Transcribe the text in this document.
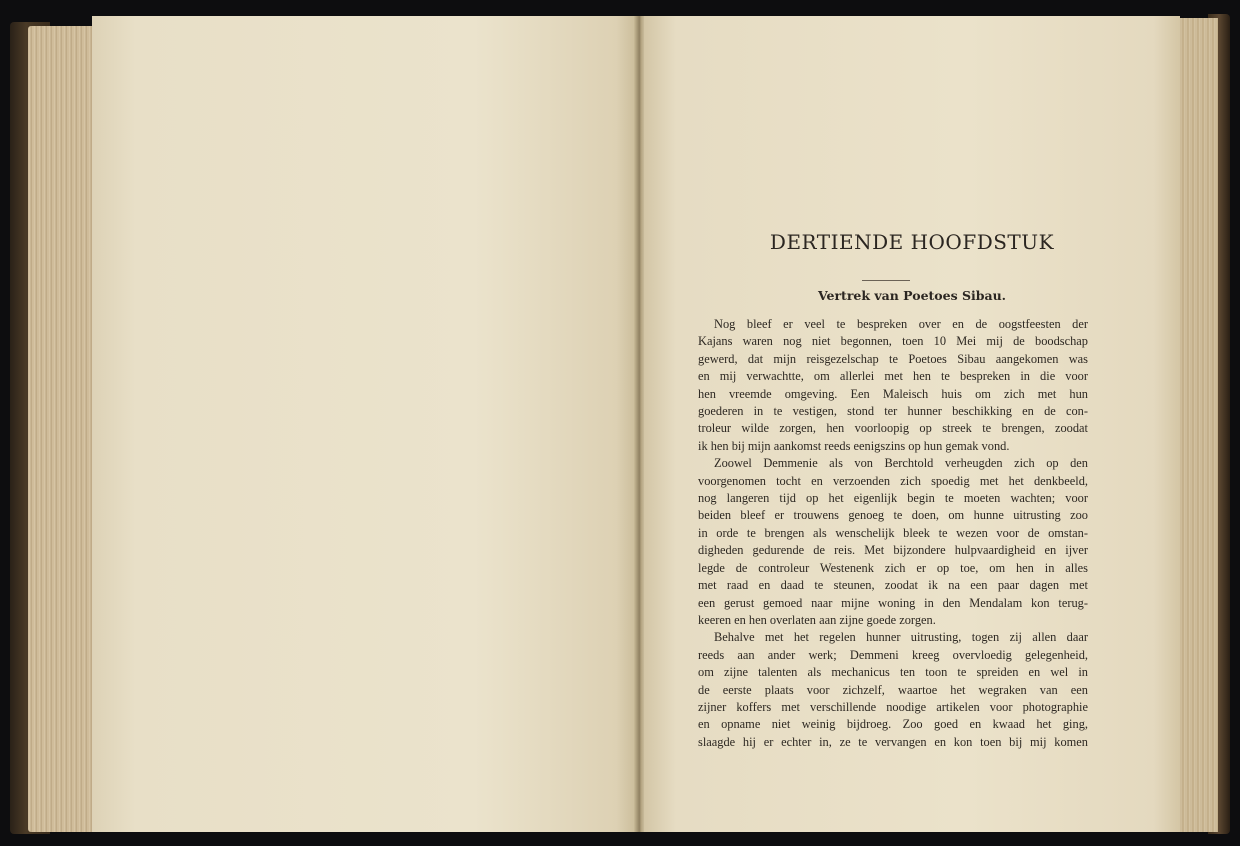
DERTIENDE HOOFDSTUK
Vertrek van Poetoes Sibau.
Nog bleef er veel te bespreken over en de oogstfeesten der
Kajans waren nog niet begonnen, toen 10 Mei mij de boodschap
gewerd, dat mijn reisgezelschap te Poetoes Sibau aangekomen was
en mij verwachtte, om allerlei met hen te bespreken in die voor
hen vreemde omgeving. Een Maleisch huis om zich met hun
goederen in te vestigen, stond ter hunner beschikking en de con-
troleur wilde zorgen, hen voorloopig op streek te brengen, zoodat
ik hen bij mijn aankomst reeds eenigszins op hun gemak vond.
Zoowel Demmenie als von Berchtold verheugden zich op den
voorgenomen tocht en verzoenden zich spoedig met het denkbeeld,
nog langeren tijd op het eigenlijk begin te moeten wachten; voor
beiden bleef er trouwens genoeg te doen, om hunne uitrusting zoo
in orde te brengen als wenschelijk bleek te wezen voor de omstan-
digheden gedurende de reis. Met bijzondere hulpvaardigheid en ijver
legde de controleur Westenenk zich er op toe, om hen in alles
met raad en daad te steunen, zoodat ik na een paar dagen met
een gerust gemoed naar mijne woning in den Mendalam kon terug-
keeren en hen overlaten aan zijne goede zorgen.
Behalve met het regelen hunner uitrusting, togen zij allen daar
reeds aan ander werk; Demmeni kreeg overvloedig gelegenheid,
om zijne talenten als mechanicus ten toon te spreiden en wel in
de eerste plaats voor zichzelf, waartoe het wegraken van een
zijner koffers met verschillende noodige artikelen voor photographie
en opname niet weinig bijdroeg. Zoo goed en kwaad het ging,
slaagde hij er echter in, ze te vervangen en kon toen bij mij komen
